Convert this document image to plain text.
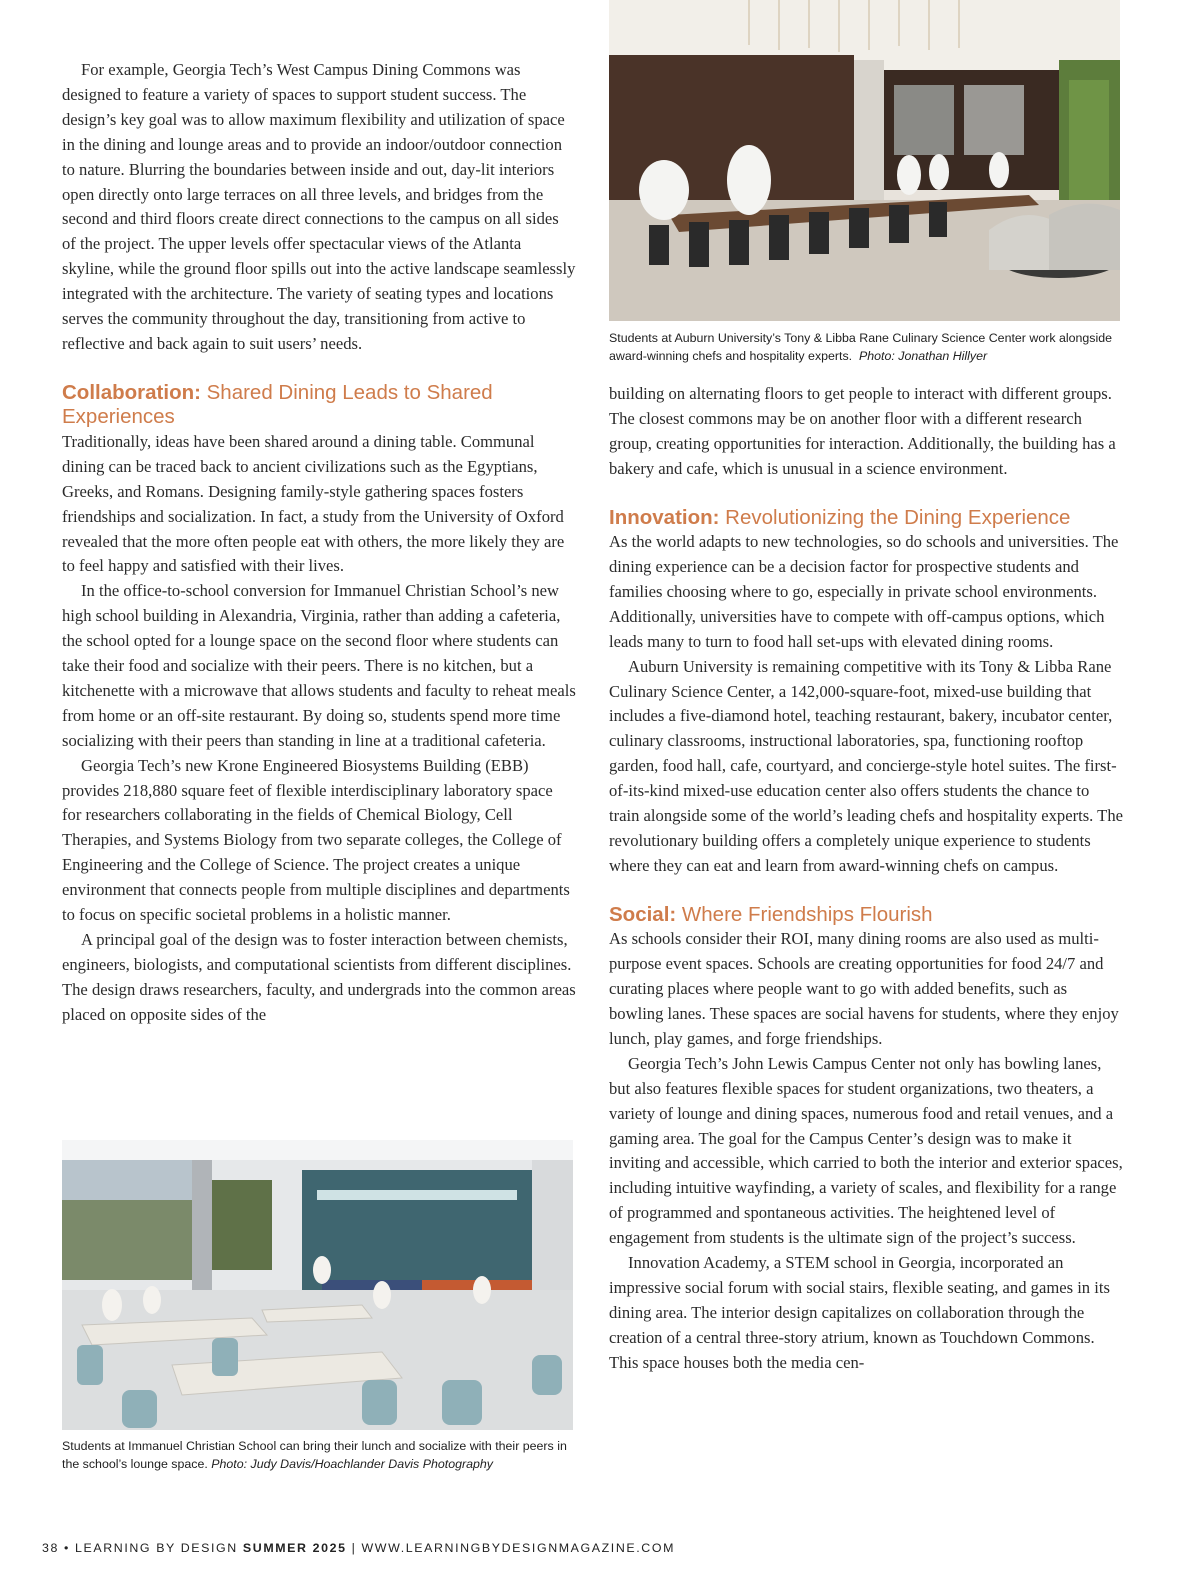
Students at Auburn University’s Tony & Libba Rane Culinary Science Center work alongside award-winning chefs and hospitality experts. Photo: Jonathan Hillyer

For example, Georgia Tech’s West Campus Dining Commons was designed to feature a variety of spaces to support student success. The design’s key goal was to allow maximum flexibility and utilization of space in the dining and lounge areas and to provide an indoor/outdoor connection to nature. Blurring the boundaries between inside and out, day-lit interiors open directly onto large terraces on all three levels, and bridges from the second and third floors create direct connections to the campus on all sides of the project. The upper levels offer spectacular views of the Atlanta skyline, while the ground floor spills out into the active landscape seamlessly integrated with the architecture. The variety of seating types and locations serves the community throughout the day, transitioning from active to reflective and back again to suit users’ needs.

Collaboration: Shared Dining Leads to Shared Experiences

Traditionally, ideas have been shared around a dining table. Communal dining can be traced back to ancient civilizations such as the Egyptians, Greeks, and Romans. Designing family-style gathering spaces fosters friendships and socialization. In fact, a study from the University of Oxford revealed that the more often people eat with others, the more likely they are to feel happy and satisfied with their lives.

In the office-to-school conversion for Immanuel Christian School’s new high school building in Alexandria, Virginia, rather than adding a cafeteria, the school opted for a lounge space on the second floor where students can take their food and socialize with their peers. There is no kitchen, but a kitchenette with a microwave that allows students and faculty to reheat meals from home or an off-site restaurant. By doing so, students spend more time socializing with their peers than standing in line at a traditional cafeteria.

Georgia Tech’s new Krone Engineered Biosystems Building (EBB) provides 218,880 square feet of flexible interdisciplinary laboratory space for researchers collaborating in the fields of Chemical Biology, Cell Therapies, and Systems Biology from two separate colleges, the College of Engineering and the College of Science. The project creates a unique environment that connects people from multiple disciplines and departments to focus on specific societal problems in a holistic manner.

A principal goal of the design was to foster interaction between chemists, engineers, biologists, and computational scientists from different disciplines. The design draws researchers, faculty, and undergrads into the common areas placed on opposite sides of the

Students at Immanuel Christian School can bring their lunch and socialize with their peers in the school’s lounge space. Photo: Judy Davis/Hoachlander Davis Photography

building on alternating floors to get people to interact with different groups. The closest commons may be on another floor with a different research group, creating opportunities for interaction. Additionally, the building has a bakery and cafe, which is unusual in a science environment.

Innovation: Revolutionizing the Dining Experience

As the world adapts to new technologies, so do schools and universities. The dining experience can be a decision factor for prospective students and families choosing where to go, especially in private school environments. Additionally, universities have to compete with off-campus options, which leads many to turn to food hall set-ups with elevated dining rooms.

Auburn University is remaining competitive with its Tony & Libba Rane Culinary Science Center, a 142,000-square-foot, mixed-use building that includes a five-diamond hotel, teaching restaurant, bakery, incubator center, culinary classrooms, instructional laboratories, spa, functioning rooftop garden, food hall, cafe, courtyard, and concierge-style hotel suites. The first-of-its-kind mixed-use education center also offers students the chance to train alongside some of the world’s leading chefs and hospitality experts. The revolutionary building offers a completely unique experience to students where they can eat and learn from award-winning chefs on campus.

Social: Where Friendships Flourish

As schools consider their ROI, many dining rooms are also used as multi-purpose event spaces. Schools are creating opportunities for food 24/7 and curating places where people want to go with added benefits, such as bowling lanes. These spaces are social havens for students, where they enjoy lunch, play games, and forge friendships.

Georgia Tech’s John Lewis Campus Center not only has bowling lanes, but also features flexible spaces for student organizations, two theaters, a variety of lounge and dining spaces, numerous food and retail venues, and a gaming area. The goal for the Campus Center’s design was to make it inviting and accessible, which carried to both the interior and exterior spaces, including intuitive wayfinding, a variety of scales, and flexibility for a range of programmed and spontaneous activities. The heightened level of engagement from students is the ultimate sign of the project’s success.

Innovation Academy, a STEM school in Georgia, incorporated an impressive social forum with social stairs, flexible seating, and games in its dining area. The interior design capitalizes on collaboration through the creation of a central three-story atrium, known as Touchdown Commons. This space houses both the media cen-

38 • LEARNING BY DESIGN SUMMER 2025 | WWW.LEARNINGBYDESIGNMAGAZINE.COM
